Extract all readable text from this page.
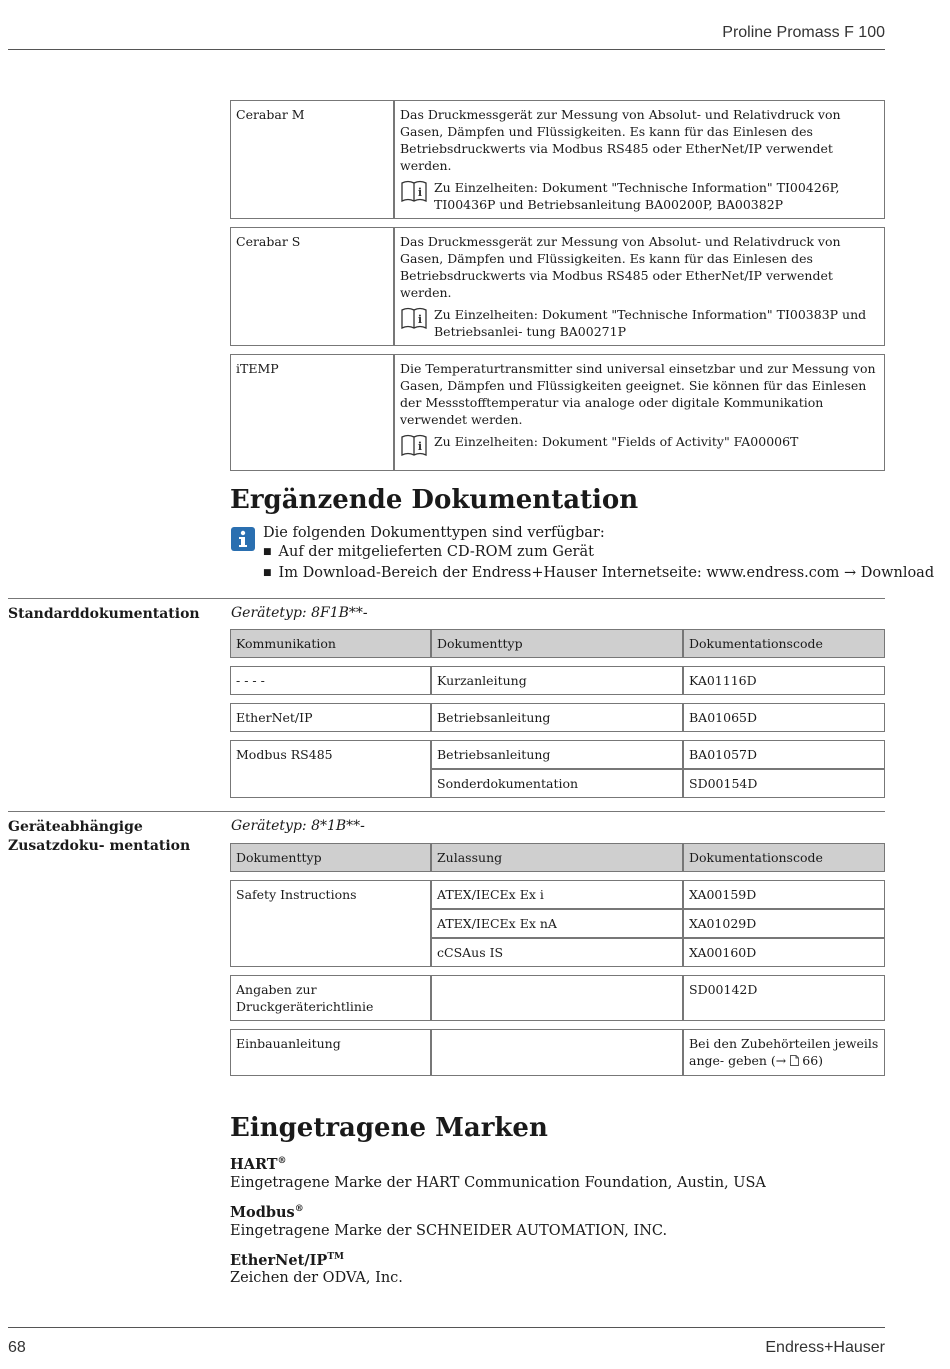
Proline Promass F 100
Cerabar M	Das Druckmessgerät zur Messung von Absolut- und Relativdruck von Gasen, Dämpfen und Flüssigkeiten. Es kann für das Einlesen des Betriebsdruckwerts via Modbus RS485 oder EtherNet/IP verwendet werden.
i Zu Einzelheiten: Dokument "Technische Information" TI00426P, TI00436P und Betriebsanleitung BA00200P, BA00382P

Cerabar S	Das Druckmessgerät zur Messung von Absolut- und Relativdruck von Gasen, Dämpfen und Flüssigkeiten. Es kann für das Einlesen des Betriebsdruckwerts via Modbus RS485 oder EtherNet/IP verwendet werden.
i Zu Einzelheiten: Dokument "Technische Information" TI00383P und Betriebsanlei- tung BA00271P

iTEMP	Die Temperaturtransmitter sind universal einsetzbar und zur Messung von Gasen, Dämpfen und Flüssigkeiten geeignet. Sie können für das Einlesen der Messstofftemperatur via analoge oder digitale Kommunikation verwendet werden.
i Zu Einzelheiten: Dokument "Fields of Activity" FA00006T
Ergänzende Dokumentation
Die folgenden Dokumenttypen sind verfügbar:
■ Auf der mitgelieferten CD-ROM zum Gerät
■ Im Download-Bereich der Endress+Hauser Internetseite: www.endress.com → Download
Standarddokumentation	Gerätetyp: 8F1B**-
Kommunikation	Dokumenttyp	Dokumentationscode

- - - -	Kurzanleitung	KA01116D

EtherNet/IP	Betriebsanleitung	BA01065D

Modbus RS485	Betriebsanleitung	BA01057D
	Sonderdokumentation	SD00154D
Geräteabhängige Zusatzdoku- mentation
Gerätetyp: 8*1B**-
Dokumenttyp	Zulassung	Dokumentationscode

Safety Instructions	ATEX/IECEx Ex i	XA00159D
	ATEX/IECEx Ex nA	XA01029D
	cCSAus IS	XA00160D

Angaben zur Druckgeräterichtlinie		SD00142D

Einbauanleitung		Bei den Zubehörteilen jeweils ange- geben (→ 66)
Eingetragene Marken
HART®
Eingetragene Marke der HART Communication Foundation, Austin, USA
Modbus®
Eingetragene Marke der SCHNEIDER AUTOMATION, INC.
EtherNet/IP™
Zeichen der ODVA, Inc.
68	Endress+Hauser
